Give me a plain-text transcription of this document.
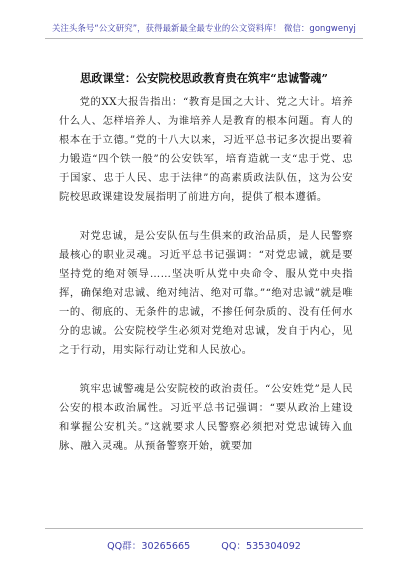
关注头条号“公文研究”，获得最新最全最专业的公文资料库！ 微信：gongwenyj
思政课堂：公安院校思政教育贵在筑牢“忠诚警魂”

党的XX大报告指出：“教育是国之大计、党之大计。培养什么人、怎样培养人、为谁培养人是教育的根本问题。育人的根本在于立德。”党的十八大以来，习近平总书记多次提出要着力锻造“四个铁一般”的公安铁军，培育造就一支“忠于党、忠于国家、忠于人民、忠于法律”的高素质政法队伍，这为公安院校思政课建设发展指明了前进方向，提供了根本遵循。

对党忠诚，是公安队伍与生俱来的政治品质，是人民警察最核心的职业灵魂。习近平总书记强调：“对党忠诚，就是要坚持党的绝对领导……坚决听从党中央命令、服从党中央指挥，确保绝对忠诚、绝对纯洁、绝对可靠。”“绝对忠诚”就是唯一的、彻底的、无条件的忠诚，不掺任何杂质的、没有任何水分的忠诚。公安院校学生必须对党绝对忠诚，发自于内心，见之于行动，用实际行动让党和人民放心。

筑牢忠诚警魂是公安院校的政治责任。“公安姓党”是人民公安的根本政治属性。习近平总书记强调：“要从政治上建设和掌握公安机关。”这就要求人民警察必须把对党忠诚铸入血脉、融入灵魂。从预备警察开始，就要加

QQ群：30265665	QQ：535304092
